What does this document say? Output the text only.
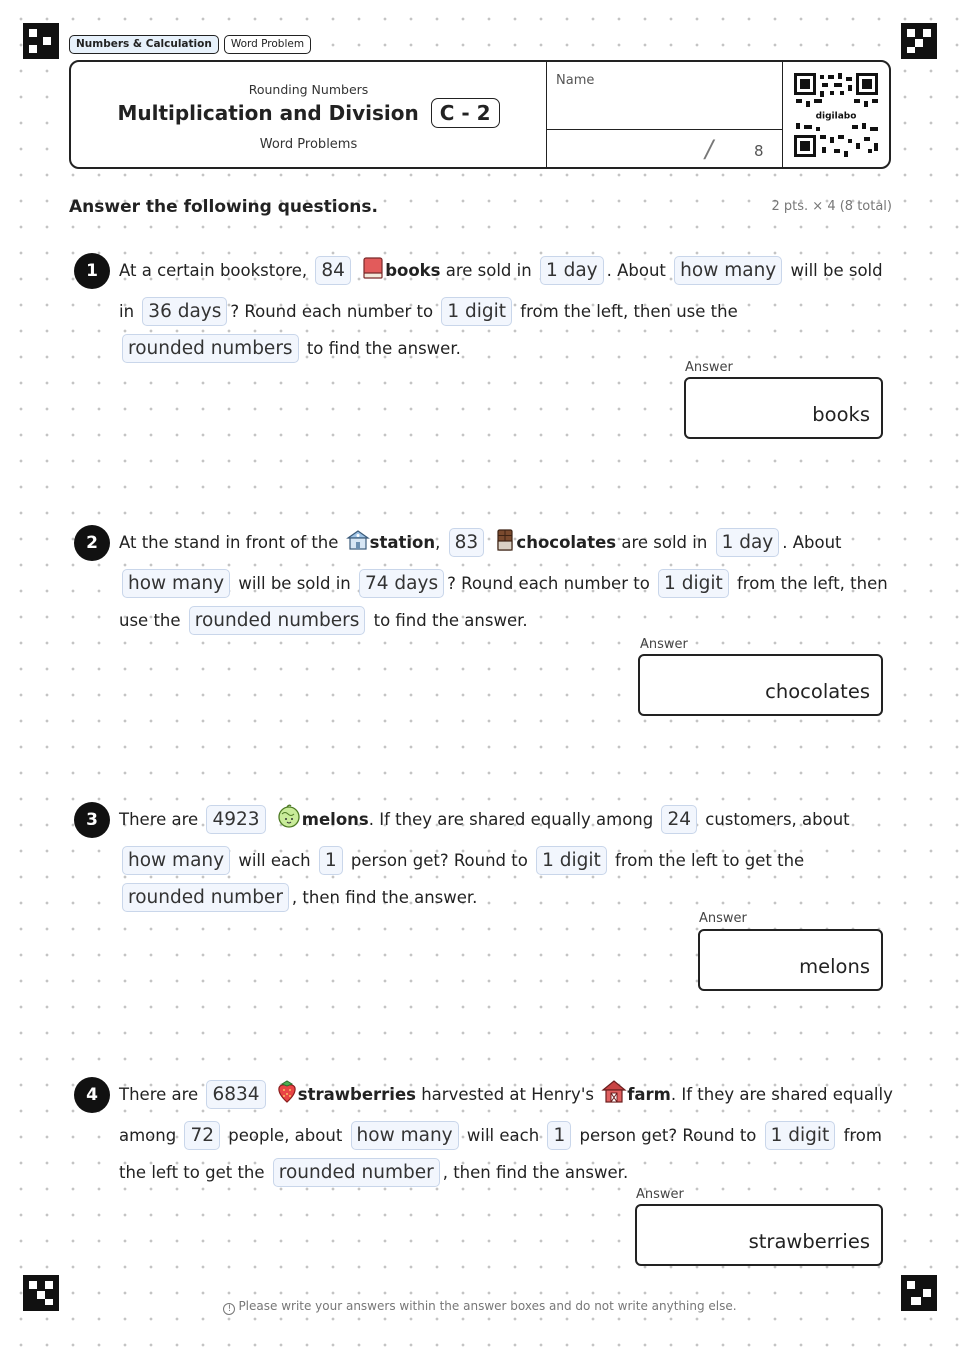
Numbers & Calculation	Word Problem
Rounding Numbers
Multiplication and Division	C - 2
Word Problems
Name
/	8
digilabo
Answer the following questions.	2 pts. × 4 (8 total)
1	At a certain bookstore, 84 books are sold in 1 day . About how many will be sold in 36 days ? Round each number to 1 digit from the left, then use the rounded numbers to find the answer.
Answer
books
2	At the stand in front of the station, 83 chocolates are sold in 1 day . About how many will be sold in 74 days ? Round each number to 1 digit from the left, then use the rounded numbers to find the answer.
Answer
chocolates
3	There are 4923	melons. If they are shared equally among 24 customers, about how many will each 1 person get? Round to 1 digit from the left to get the rounded number , then find the answer.
Answer
melons
4	There are 6834 strawberries harvested at Henry's farm. If they are shared equally among 72 people, about how many will each 1 person get? Round to 1 digit from the left to get the rounded number , then find the answer.
Answer
strawberries
! Please write your answers within the answer boxes and do not write anything else.
